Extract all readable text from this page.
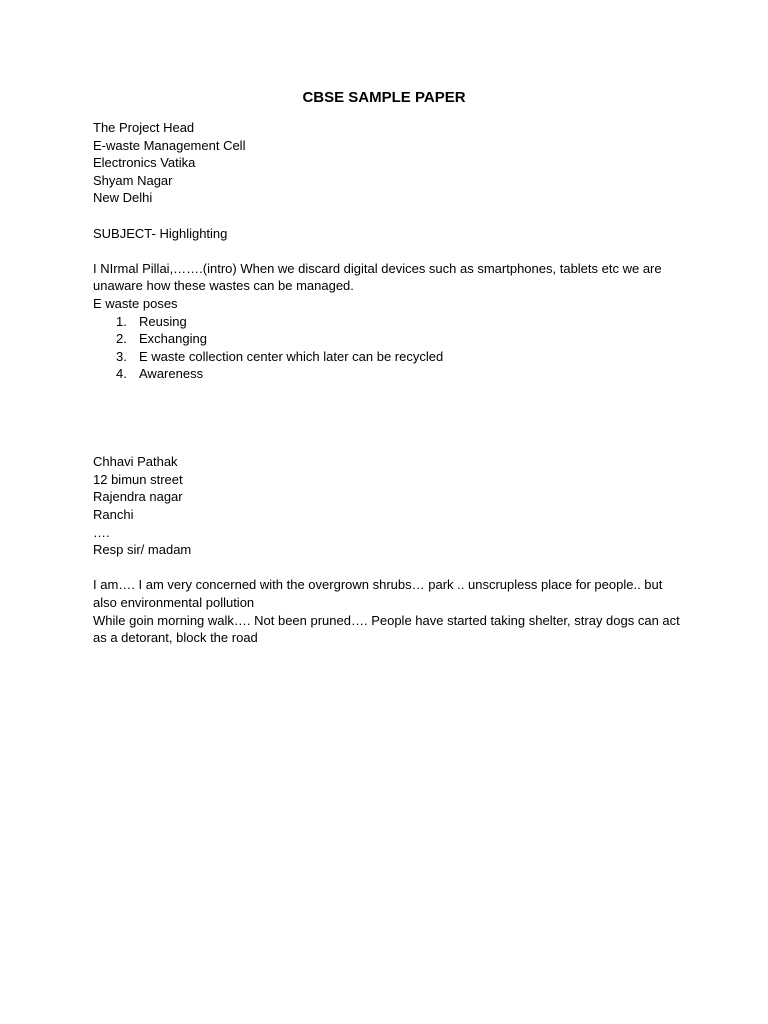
CBSE SAMPLE PAPER
The Project Head
E-waste Management Cell
Electronics Vatika
Shyam Nagar
New Delhi
SUBJECT- Highlighting
I NIrmal Pillai,…….(intro) When we discard digital devices such as smartphones, tablets etc we are
unaware how these wastes can be managed.
E waste poses
1. Reusing
2. Exchanging
3. E waste collection center which later can be recycled
4. Awareness
Chhavi Pathak
12 bimun street
Rajendra nagar
Ranchi
….
Resp sir/ madam
I am…. I am very concerned with the overgrown shrubs… park .. unscrupless place for people.. but
also environmental pollution
While goin morning walk…. Not been pruned…. People have started taking shelter, stray dogs can act
as a detorant, block the road
